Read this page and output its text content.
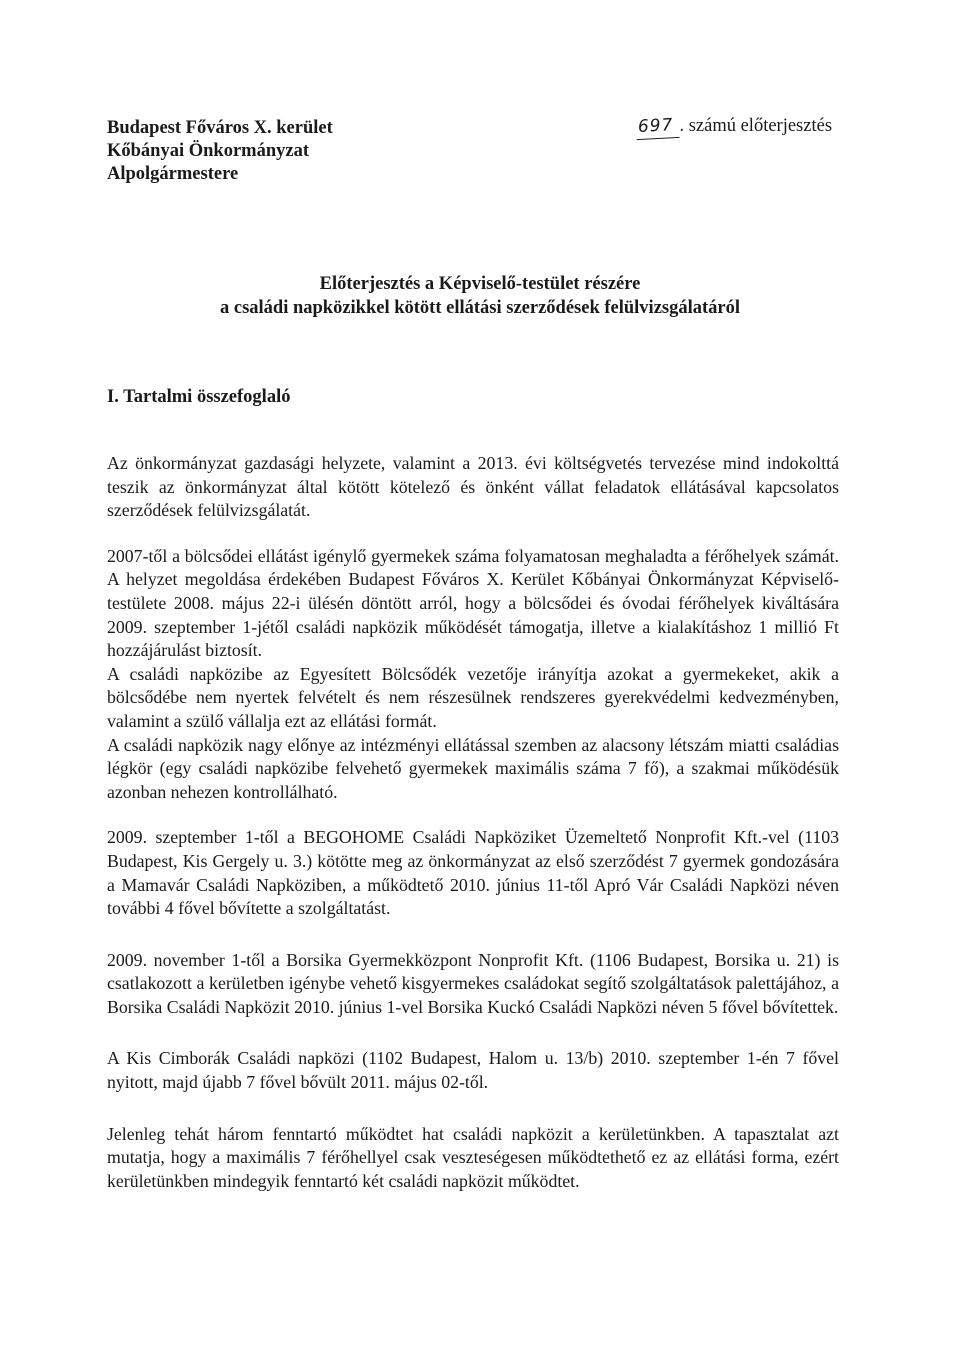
Budapest Főváros X. kerület
Kőbányai Önkormányzat
Alpolgármestere
697 . számú előterjesztés
Előterjesztés a Képviselő-testület részére
a családi napközikkel kötött ellátási szerződések felülvizsgálatáról
I. Tartalmi összefoglaló

Az önkormányzat gazdasági helyzete, valamint a 2013. évi költségvetés tervezése mind indokolttá teszik az önkormányzat által kötött kötelező és önként vállat feladatok ellátásával kapcsolatos szerződések felülvizsgálatát.

2007-től a bölcsődei ellátást igénylő gyermekek száma folyamatosan meghaladta a férőhelyek számát. A helyzet megoldása érdekében Budapest Főváros X. Kerület Kőbányai Önkormányzat Képviselő-testülete 2008. május 22-i ülésén döntött arról, hogy a bölcsődei és óvodai férőhelyek kiváltására 2009. szeptember 1-jétől családi napközik működését támogatja, illetve a kialakításhoz 1 millió Ft hozzájárulást biztosít.

A családi napközibe az Egyesített Bölcsődék vezetője irányítja azokat a gyermekeket, akik a bölcsődébe nem nyertek felvételt és nem részesülnek rendszeres gyerekvédelmi kedvezményben, valamint a szülő vállalja ezt az ellátási formát.

A családi napközik nagy előnye az intézményi ellátással szemben az alacsony létszám miatti családias légkör (egy családi napközibe felvehető gyermekek maximális száma 7 fő), a szakmai működésük azonban nehezen kontrollálható.

2009. szeptember 1-től a BEGOHOME Családi Napköziket Üzemeltető Nonprofit Kft.-vel (1103 Budapest, Kis Gergely u. 3.) kötötte meg az önkormányzat az első szerződést 7 gyermek gondozására a Mamavár Családi Napköziben, a működtető 2010. június 11-től Apró Vár Családi Napközi néven további 4 fővel bővítette a szolgáltatást.

2009. november 1-től a Borsika Gyermekközpont Nonprofit Kft. (1106 Budapest, Borsika u. 21) is csatlakozott a kerületben igénybe vehető kisgyermekes családokat segítő szolgáltatások palettájához, a Borsika Családi Napközit 2010. június 1-vel Borsika Kuckó Családi Napközi néven 5 fővel bővítettek.

A Kis Cimborák Családi napközi (1102 Budapest, Halom u. 13/b) 2010. szeptember 1-én 7 fővel nyitott, majd újabb 7 fővel bővült 2011. május 02-től.

Jelenleg tehát három fenntartó működtet hat családi napközit a kerületünkben. A tapasztalat azt mutatja, hogy a maximális 7 férőhellyel csak veszteségesen működtethető ez az ellátási forma, ezért kerületünkben mindegyik fenntartó két családi napközit működtet.
